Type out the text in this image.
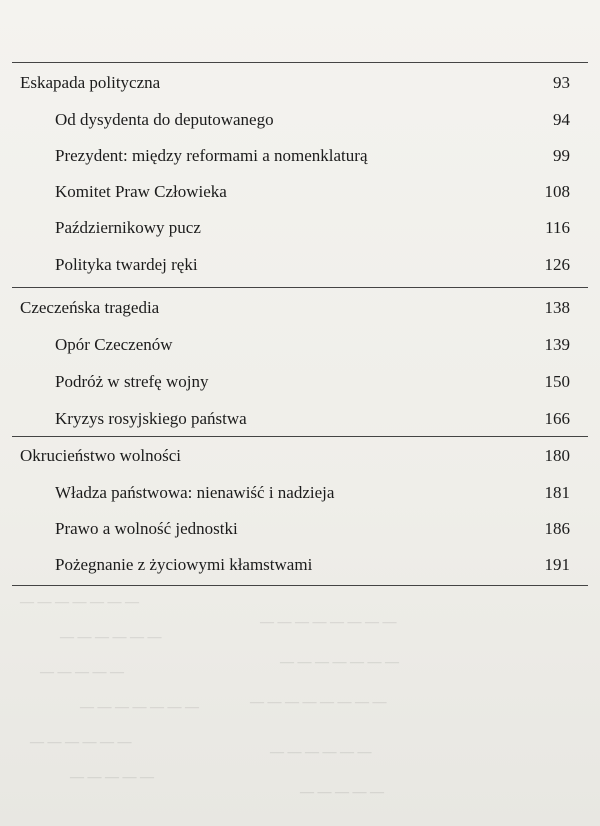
Eskapada polityczna	93
Od dysydenta do deputowanego	94
Prezydent: między reformami a nomenklaturą	99
Komitet Praw Człowieka	108
Październikowy pucz	116
Polityka twardej ręki	126
Czeczeńska tragedia	138
Opór Czeczenów	139
Podróż w strefę wojny	150
Kryzys rosyjskiego państwa	166
Okrucieństwo wolności	180
Władza państwowa: nienawiść i nadzieja	181
Prawo a wolność jednostki	186
Pożegnanie z życiowymi kłamstwami	191
— — — — — — —
— — — — — —
— — — — —
— — — — — — —
— — — — — —
— — — — —
— — — — — — — —
— — — — — — —
— — — — — — — —
— — — — — —
— — — — —
